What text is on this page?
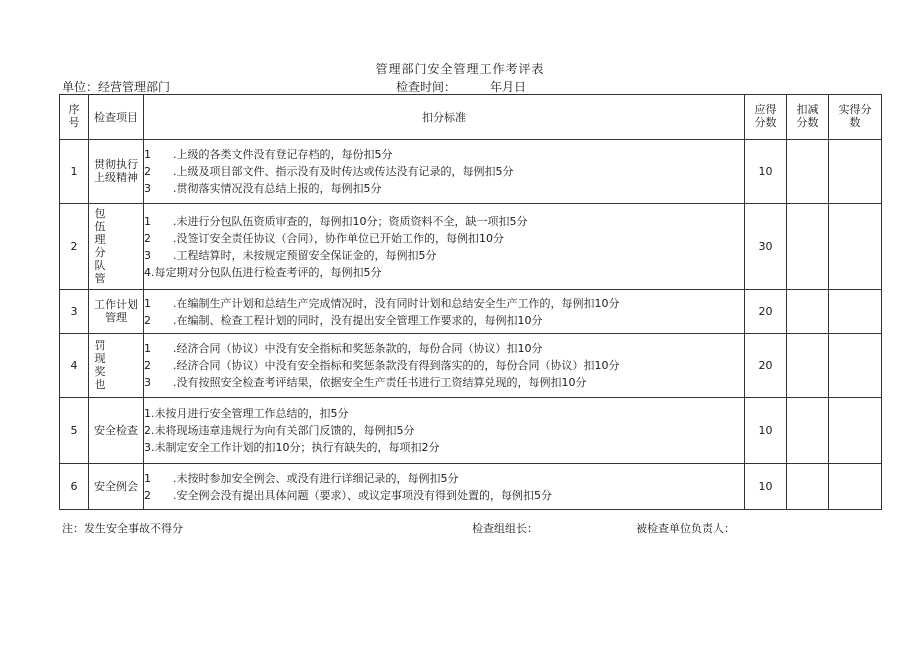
管理部门安全管理工作考评表
单位：经营管理部门	检查时间：	年月日
序号	检查项目	扣分标准	应得分数	扣减分数	实得分数
1	贯彻执行上级精神	1　　.上级的各类文件没有登记存档的，每份扣5分
2　　.上级及项目部文件、指示没有及时传达或传达没有记录的，每例扣5分
3　　.贯彻落实情况没有总结上报的，每例扣5分	10		
2	包伍理分队管	1　　.未进行分包队伍资质审查的，每例扣10分；资质资料不全，缺一项扣5分
2　　.没签订安全责任协议（合同），协作单位已开始工作的，每例扣10分
3　　.工程结算时，未按规定预留安全保证金的，每例扣5分
4.每定期对分包队伍进行检查考评的，每例扣5分	30		
3	工作计划管理	1　　.在编制生产计划和总结生产完成情况时，没有同时计划和总结安全生产工作的，每例扣10分
2　　.在编制、检查工程计划的同时，没有提出安全管理工作要求的，每例扣10分	20		
4	罚现奖也	1　　.经济合同（协议）中没有安全指标和奖惩条款的，每份合同（协议）扣10分
2　　.经济合同（协议）中没有安全指标和奖惩条款没有得到落实的的，每份合同（协议）扣10分
3　　.没有按照安全检查考评结果，依据安全生产责任书进行工资结算兑现的，每例扣10分	20		
5	安全检查	1.未按月进行安全管理工作总结的，扣5分
2.未将现场违章违规行为向有关部门反馈的，每例扣5分
3.未制定安全工作计划的扣10分；执行有缺失的，每项扣2分	10		
6	安全例会	1　　.未按时参加安全例会、或没有进行详细记录的，每例扣5分
2　　.安全例会没有提出具体问题（要求）、或议定事项没有得到处置的，每例扣5分	10		
注：发生安全事故不得分	检查组组长：	被检查单位负责人：
